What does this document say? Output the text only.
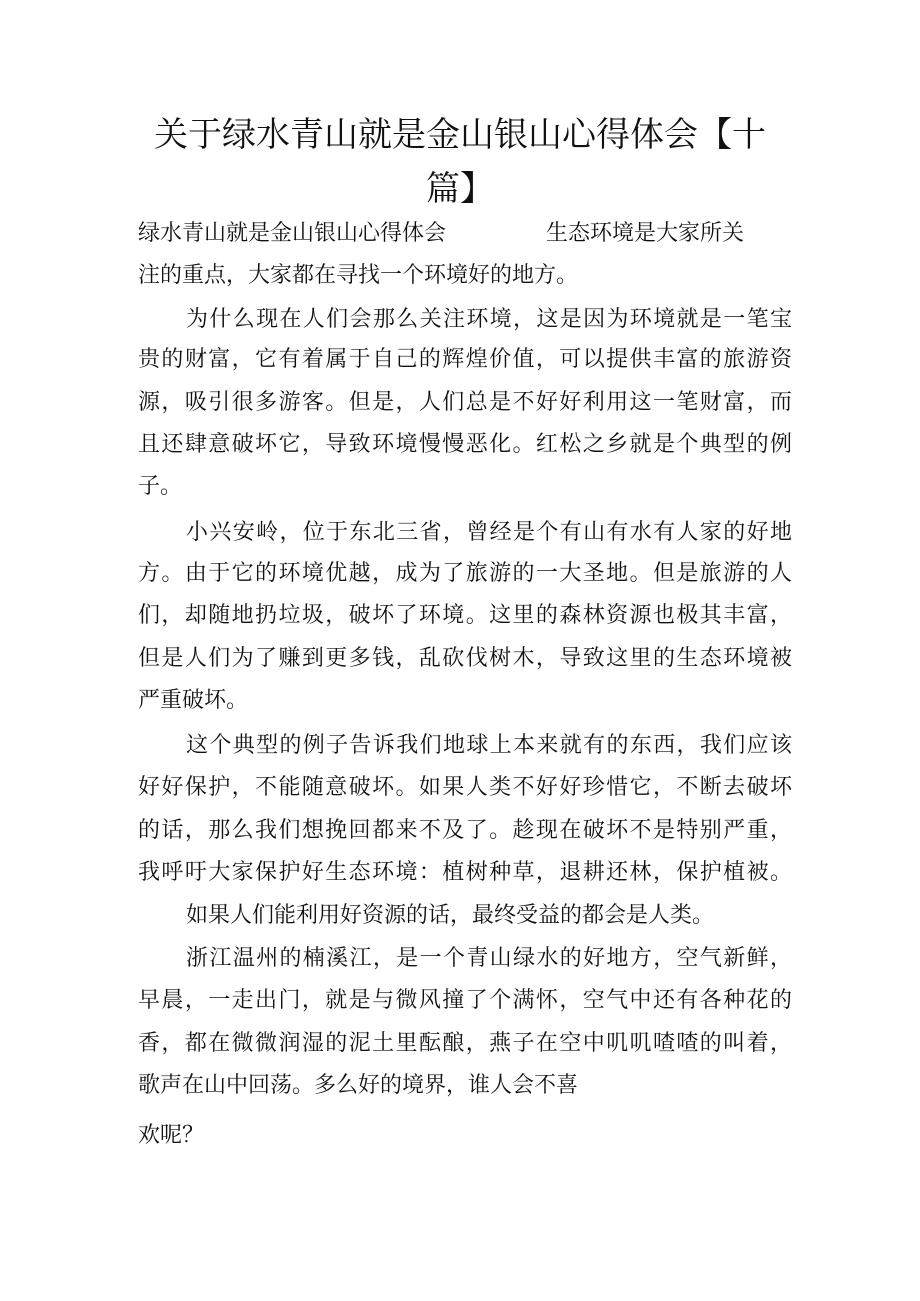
关于绿水青山就是金山银山心得体会【十
篇】
绿水青山就是金山银山心得体会	生态环境是大家所关
注的重点，大家都在寻找一个环境好的地方。
为什么现在人们会那么关注环境，这是因为环境就是一笔宝
贵的财富，它有着属于自己的辉煌价值，可以提供丰富的旅游资
源，吸引很多游客。但是，人们总是不好好利用这一笔财富，而
且还肆意破坏它，导致环境慢慢恶化。红松之乡就是个典型的例
子。
小兴安岭，位于东北三省，曾经是个有山有水有人家的好地
方。由于它的环境优越，成为了旅游的一大圣地。但是旅游的人
们，却随地扔垃圾，破坏了环境。这里的森林资源也极其丰富，
但是人们为了赚到更多钱，乱砍伐树木，导致这里的生态环境被
严重破坏。
这个典型的例子告诉我们地球上本来就有的东西，我们应该
好好保护，不能随意破坏。如果人类不好好珍惜它，不断去破坏
的话，那么我们想挽回都来不及了。趁现在破坏不是特别严重，
我呼吁大家保护好生态环境：植树种草，退耕还林，保护植被。
如果人们能利用好资源的话，最终受益的都会是人类。
浙江温州的楠溪江，是一个青山绿水的好地方，空气新鲜，
早晨，一走出门，就是与微风撞了个满怀，空气中还有各种花的
香，都在微微润湿的泥土里酝酿，燕子在空中叽叽喳喳的叫着，
歌声在山中回荡。多么好的境界，谁人会不喜
欢呢？
